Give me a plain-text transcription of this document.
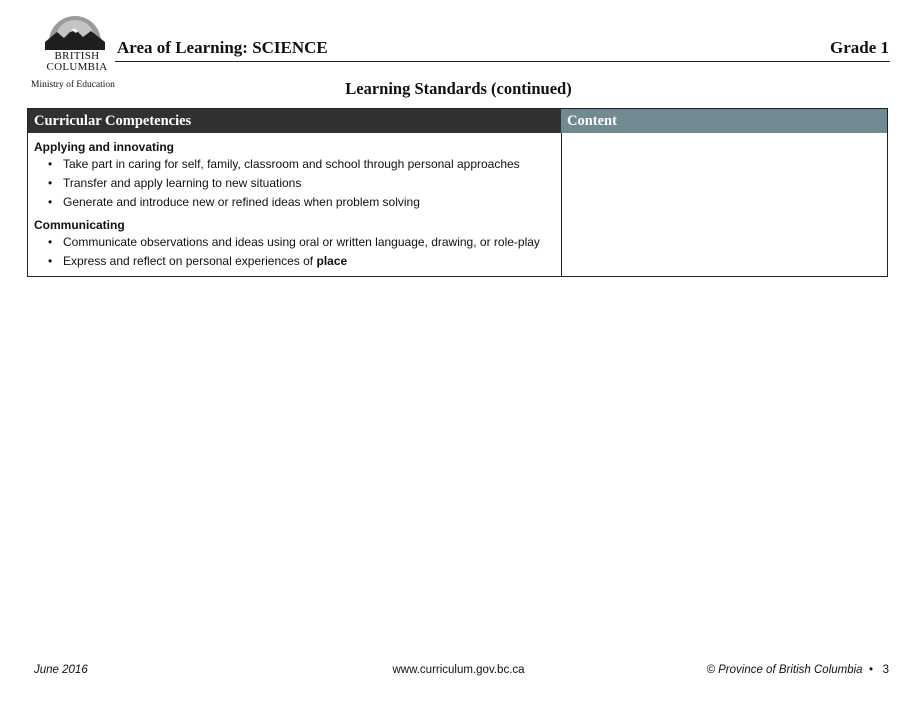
BRITISH
COLUMBIA
Ministry of Education
Area of Learning: SCIENCE	Grade 1
Learning Standards (continued)
Curricular Competencies	Content

Applying and innovating

• Take part in caring for self, family, classroom and school through personal approaches
• Transfer and apply learning to new situations
• Generate and introduce new or refined ideas when problem solving

Communicating

• Communicate observations and ideas using oral or written language, drawing, or role-play
• Express and reflect on personal experiences of place
June 2016	www.curriculum.gov.bc.ca	© Province of British Columbia • 3
